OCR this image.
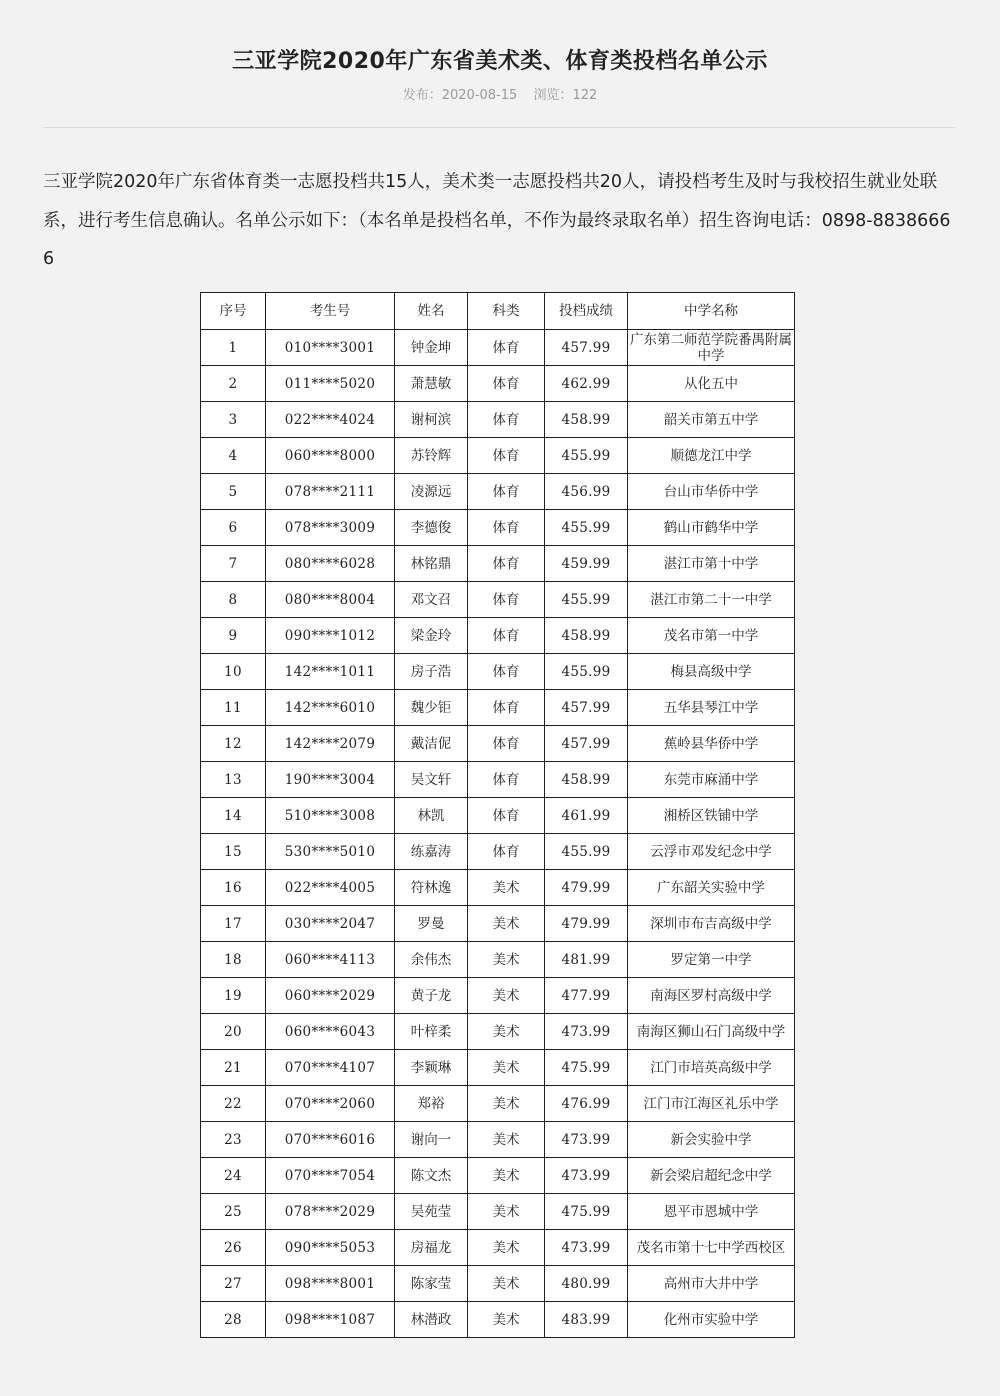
三亚学院2020年广东省美术类、体育类投档名单公示
发布：2020-08-15 浏览：122
三亚学院2020年广东省体育类一志愿投档共15人，美术类一志愿投档共20人，请投档考生及时与我校招生就业处联系，进行考生信息确认。名单公示如下：（本名单是投档名单，不作为最终录取名单）招生咨询电话：0898-88386666
序号	考生号	姓名	科类	投档成绩	中学名称
1	010****3001	钟金坤	体育	457.99	广东第二师范学院番禺附属中学
2	011****5020	萧慧敏	体育	462.99	从化五中
3	022****4024	谢柯滨	体育	458.99	韶关市第五中学
4	060****8000	苏铃辉	体育	455.99	顺德龙江中学
5	078****2111	凌源远	体育	456.99	台山市华侨中学
6	078****3009	李德俊	体育	455.99	鹤山市鹤华中学
7	080****6028	林铭鼎	体育	459.99	湛江市第十中学
8	080****8004	邓文召	体育	455.99	湛江市第二十一中学
9	090****1012	梁金玲	体育	458.99	茂名市第一中学
10	142****1011	房子浩	体育	455.99	梅县高级中学
11	142****6010	魏少钜	体育	457.99	五华县琴江中学
12	142****2079	戴洁伲	体育	457.99	蕉岭县华侨中学
13	190****3004	吴文轩	体育	458.99	东莞市麻涌中学
14	510****3008	林凯	体育	461.99	湘桥区铁铺中学
15	530****5010	练嘉涛	体育	455.99	云浮市邓发纪念中学
16	022****4005	符林逸	美术	479.99	广东韶关实验中学
17	030****2047	罗曼	美术	479.99	深圳市布吉高级中学
18	060****4113	余伟杰	美术	481.99	罗定第一中学
19	060****2029	黄子龙	美术	477.99	南海区罗村高级中学
20	060****6043	叶梓柔	美术	473.99	南海区狮山石门高级中学
21	070****4107	李颖琳	美术	475.99	江门市培英高级中学
22	070****2060	郑裕	美术	476.99	江门市江海区礼乐中学
23	070****6016	谢向一	美术	473.99	新会实验中学
24	070****7054	陈文杰	美术	473.99	新会梁启超纪念中学
25	078****2029	吴苑莹	美术	475.99	恩平市恩城中学
26	090****5053	房福龙	美术	473.99	茂名市第十七中学西校区
27	098****8001	陈家莹	美术	480.99	高州市大井中学
28	098****1087	林潜政	美术	483.99	化州市实验中学
